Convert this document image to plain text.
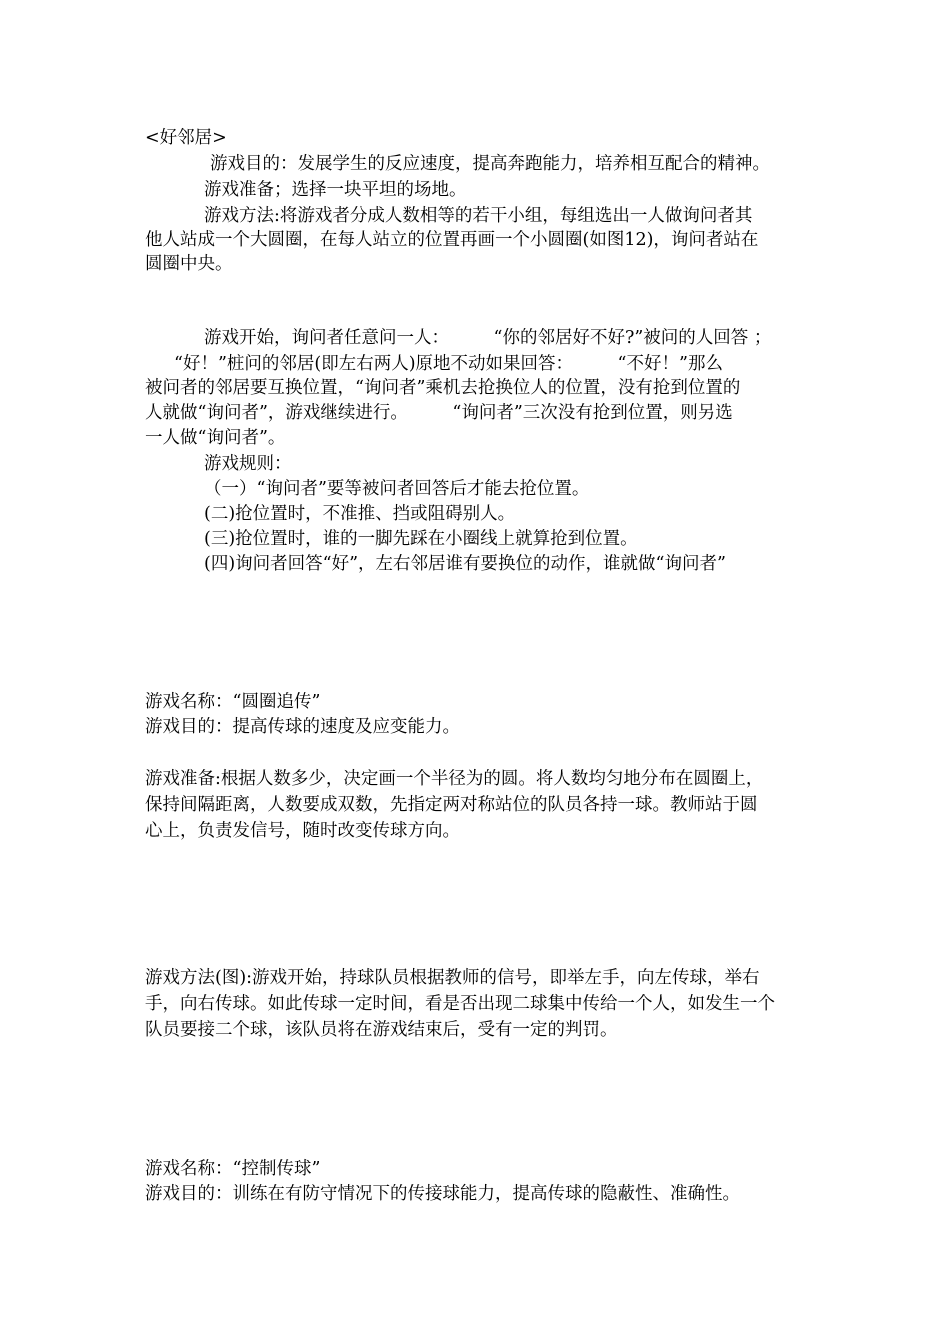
<好邻居>
游戏目的：发展学生的反应速度，提高奔跑能力，培养相互配合的精神。
游戏准备；选择一块平坦的场地。
游戏方法:将游戏者分成人数相等的若干小组，每组选出一人做询问者其
他人站成一个大圆圈，在每人站立的位置再画一个小圆圈(如图12)，询问者站在
圆圈中央。
游戏开始，询问者任意问一人：        “你的邻居好不好?”被问的人回答 ；
“好！”桩问的邻居(即左右两人)原地不动如果回答：        “不好！”那么
被问者的邻居要互换位置，“询问者”乘机去抢换位人的位置，没有抢到位置的
人就做“询问者”，游戏继续进行。        “询问者”三次没有抢到位置，则另选
一人做“询问者”。
游戏规则：
（一）“询问者”要等被问者回答后才能去抢位置。
(二)抢位置时，不准推、挡或阻碍别人。
(三)抢位置时，谁的一脚先踩在小圈线上就算抢到位置。
(四)询问者回答“好”，左右邻居谁有要换位的动作，谁就做“询问者”
游戏名称：“圆圈追传”
游戏目的：提高传球的速度及应变能力。
游戏准备:根据人数多少，决定画一个半径为的圆。将人数均匀地分布在圆圈上，
保持间隔距离，人数要成双数，先指定两对称站位的队员各持一球。教师站于圆
心上，负责发信号，随时改变传球方向。
游戏方法(图):游戏开始，持球队员根据教师的信号，即举左手，向左传球，举右
手，向右传球。如此传球一定时间，看是否出现二球集中传给一个人，如发生一个
队员要接二个球，该队员将在游戏结束后，受有一定的判罚。
游戏名称：“控制传球”
游戏目的：训练在有防守情况下的传接球能力，提高传球的隐蔽性、准确性。
